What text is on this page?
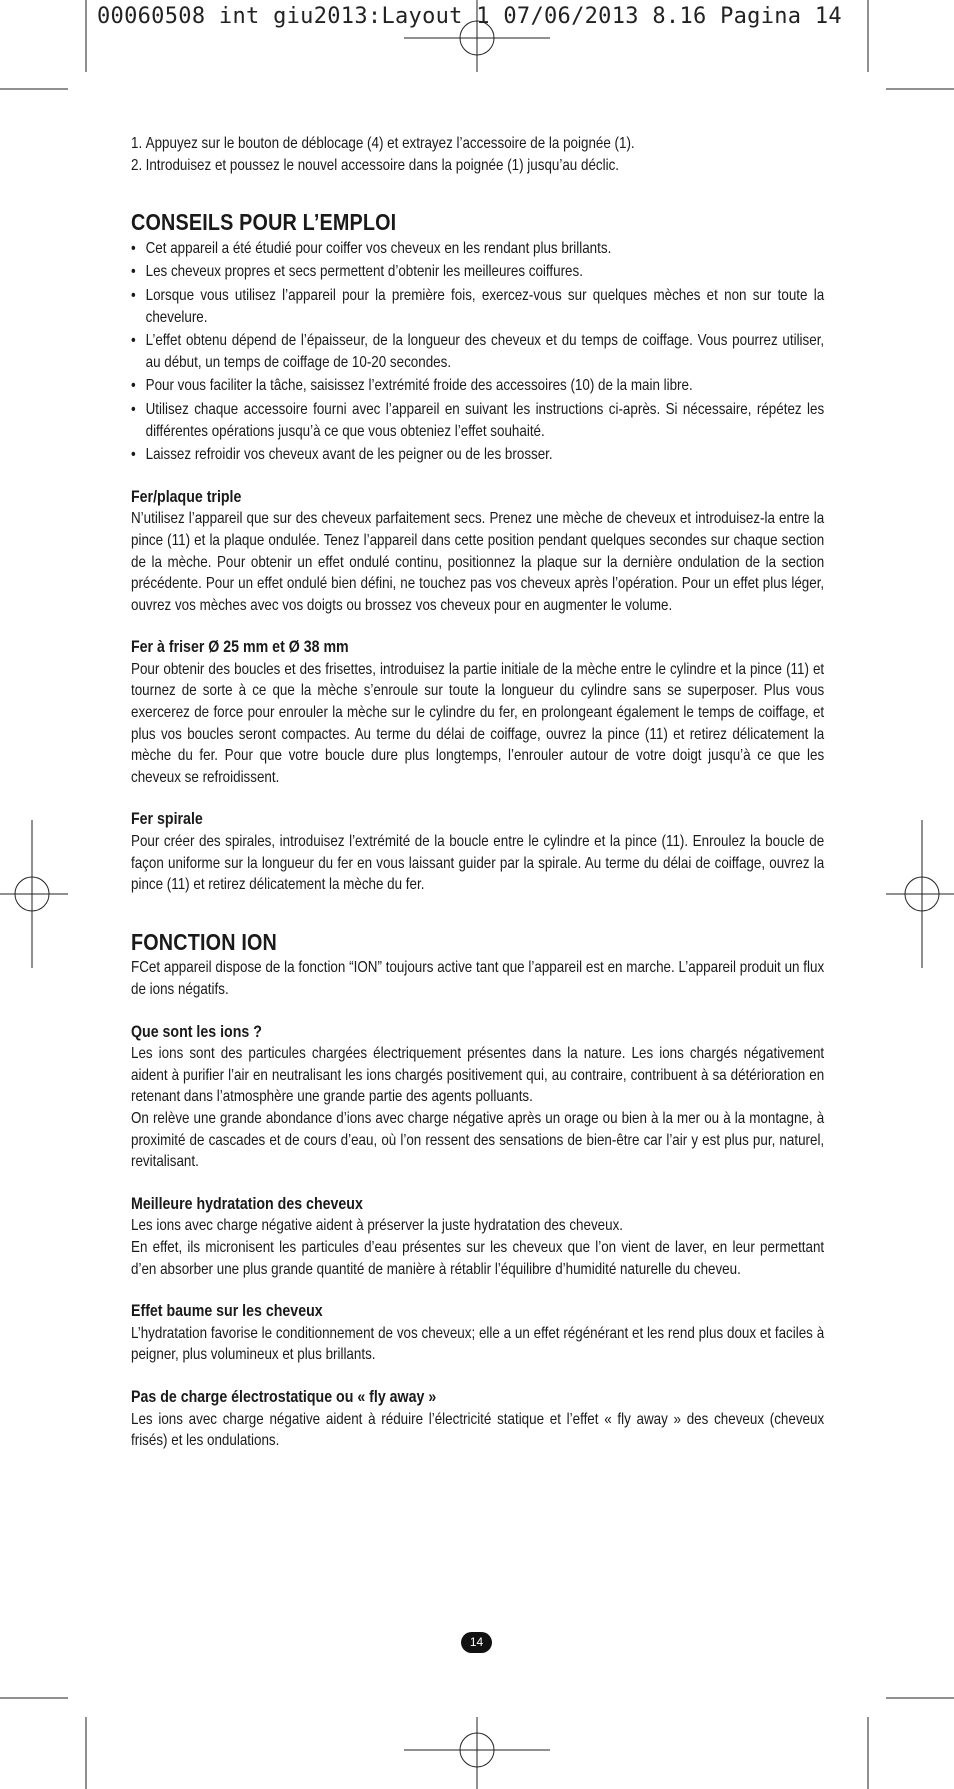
00060508 int giu2013:Layout 1 07/06/2013 8.16 Pagina 14
1. Appuyez sur le bouton de déblocage (4) et extrayez l’accessoire de la poignée (1).
2. Introduisez et poussez le nouvel accessoire dans la poignée (1) jusqu’au déclic.
CONSEILS POUR L’EMPLOI
• Cet appareil a été étudié pour coiffer vos cheveux en les rendant plus brillants.
• Les cheveux propres et secs permettent d’obtenir les meilleures coiffures.
• Lorsque vous utilisez l’appareil pour la première fois, exercez-vous sur quelques mèches et non sur toute la chevelure.
• L’effet obtenu dépend de l’épaisseur, de la longueur des cheveux et du temps de coiffage. Vous pourrez utiliser, au début, un temps de coiffage de 10-20 secondes.
• Pour vous faciliter la tâche, saisissez l’extrémité froide des accessoires (10) de la main libre.
• Utilisez chaque accessoire fourni avec l’appareil en suivant les instructions ci-après. Si nécessaire, répétez les différentes opérations jusqu’à ce que vous obteniez l’effet souhaité.
• Laissez refroidir vos cheveux avant de les peigner ou de les brosser.
Fer/plaque triple

N’utilisez l’appareil que sur des cheveux parfaitement secs. Prenez une mèche de cheveux et introduisez-la entre la pince (11) et la plaque ondulée. Tenez l’appareil dans cette position pendant quelques secondes sur chaque section de la mèche. Pour obtenir un effet ondulé continu, positionnez la plaque sur la dernière ondulation de la section précédente. Pour un effet ondulé bien défini, ne touchez pas vos cheveux après l’opération. Pour un effet plus léger, ouvrez vos mèches avec vos doigts ou brossez vos cheveux pour en augmenter le volume.

Fer à friser Ø 25 mm et Ø 38 mm

Pour obtenir des boucles et des frisettes, introduisez la partie initiale de la mèche entre le cylindre et la pince (11) et tournez de sorte à ce que la mèche s’enroule sur toute la longueur du cylindre sans se superposer. Plus vous exercerez de force pour enrouler la mèche sur le cylindre du fer, en prolongeant également le temps de coiffage, et plus vos boucles seront compactes. Au terme du délai de coiffage, ouvrez la pince (11) et retirez délicatement la mèche du fer. Pour que votre boucle dure plus longtemps, l’enrouler autour de votre doigt jusqu’à ce que les cheveux se refroidissent.

Fer spirale

Pour créer des spirales, introduisez l’extrémité de la boucle entre le cylindre et la pince (11). Enroulez la boucle de façon uniforme sur la longueur du fer en vous laissant guider par la spirale. Au terme du délai de coiffage, ouvrez la pince (11) et retirez délicatement la mèche du fer.

FONCTION ION

FCet appareil dispose de la fonction “ION” toujours active tant que l’appareil est en marche. L’appareil produit un flux de ions négatifs.

Que sont les ions ?

Les ions sont des particules chargées électriquement présentes dans la nature. Les ions chargés négativement aident à purifier l’air en neutralisant les ions chargés positivement qui, au contraire, contribuent à sa détérioration en retenant dans l’atmosphère une grande partie des agents polluants.

On relève une grande abondance d’ions avec charge négative après un orage ou bien à la mer ou à la montagne, à proximité de cascades et de cours d’eau, où l’on ressent des sensations de bien-être car l’air y est plus pur, naturel, revitalisant.

Meilleure hydratation des cheveux

Les ions avec charge négative aident à préserver la juste hydratation des cheveux.

En effet, ils micronisent les particules d’eau présentes sur les cheveux que l’on vient de laver, en leur permettant d’en absorber une plus grande quantité de manière à rétablir l’équilibre d’humidité naturelle du cheveu.

Effet baume sur les cheveux

L’hydratation favorise le conditionnement de vos cheveux; elle a un effet régénérant et les rend plus doux et faciles à peigner, plus volumineux et plus brillants.

Pas de charge électrostatique ou « fly away »

Les ions avec charge négative aident à réduire l’électricité statique et l’effet « fly away » des cheveux (cheveux frisés) et les ondulations.

14
